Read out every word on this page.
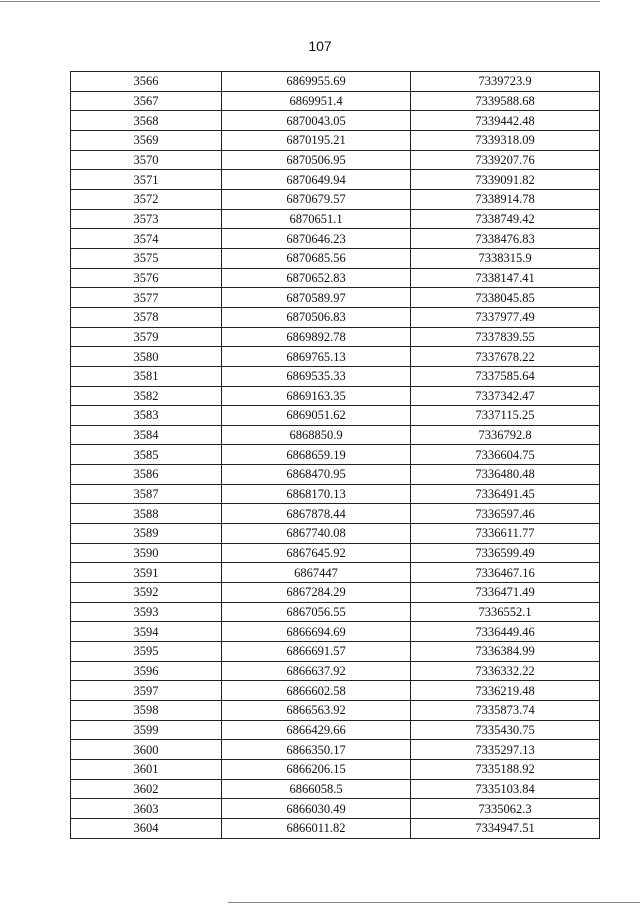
107
3566	6869955.69	7339723.9
3567	6869951.4	7339588.68
3568	6870043.05	7339442.48
3569	6870195.21	7339318.09
3570	6870506.95	7339207.76
3571	6870649.94	7339091.82
3572	6870679.57	7338914.78
3573	6870651.1	7338749.42
3574	6870646.23	7338476.83
3575	6870685.56	7338315.9
3576	6870652.83	7338147.41
3577	6870589.97	7338045.85
3578	6870506.83	7337977.49
3579	6869892.78	7337839.55
3580	6869765.13	7337678.22
3581	6869535.33	7337585.64
3582	6869163.35	7337342.47
3583	6869051.62	7337115.25
3584	6868850.9	7336792.8
3585	6868659.19	7336604.75
3586	6868470.95	7336480.48
3587	6868170.13	7336491.45
3588	6867878.44	7336597.46
3589	6867740.08	7336611.77
3590	6867645.92	7336599.49
3591	6867447	7336467.16
3592	6867284.29	7336471.49
3593	6867056.55	7336552.1
3594	6866694.69	7336449.46
3595	6866691.57	7336384.99
3596	6866637.92	7336332.22
3597	6866602.58	7336219.48
3598	6866563.92	7335873.74
3599	6866429.66	7335430.75
3600	6866350.17	7335297.13
3601	6866206.15	7335188.92
3602	6866058.5	7335103.84
3603	6866030.49	7335062.3
3604	6866011.82	7334947.51
